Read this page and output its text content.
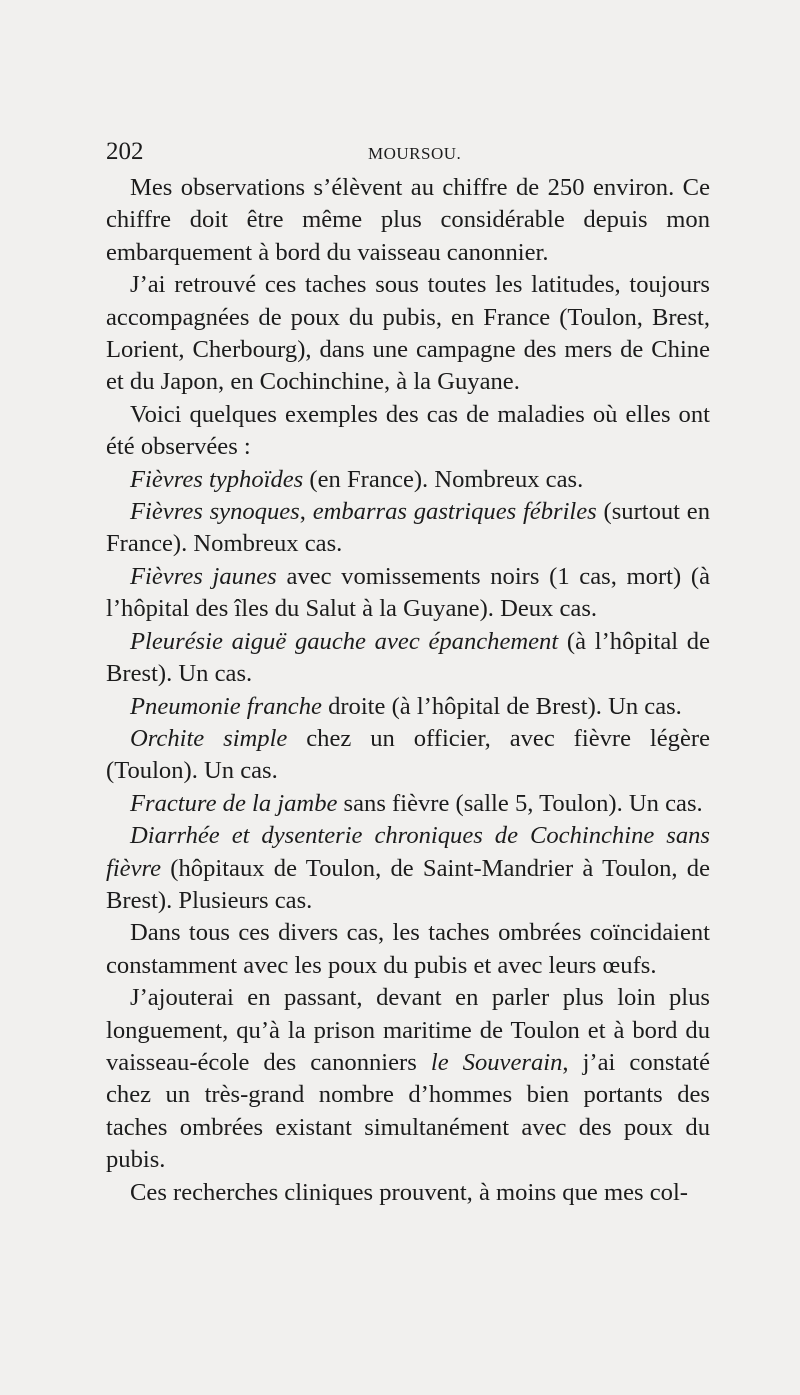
202	MOURSOU.

Mes observations s’élèvent au chiffre de 250 environ. Ce chiffre doit être même plus considérable depuis mon embarquement à bord du vaisseau canonnier.

J’ai retrouvé ces taches sous toutes les latitudes, toujours accompagnées de poux du pubis, en France (Toulon, Brest, Lorient, Cherbourg), dans une campagne des mers de Chine et du Japon, en Cochinchine, à la Guyane.

Voici quelques exemples des cas de maladies où elles ont été observées :

Fièvres typhoïdes (en France). Nombreux cas.

Fièvres synoques, embarras gastriques fébriles (surtout en France). Nombreux cas.

Fièvres jaunes avec vomissements noirs (1 cas, mort) (à l’hôpital des îles du Salut à la Guyane). Deux cas.

Pleurésie aiguë gauche avec épanchement (à l’hôpital de Brest). Un cas.

Pneumonie franche droite (à l’hôpital de Brest). Un cas.

Orchite simple chez un officier, avec fièvre légère (Toulon). Un cas.

Fracture de la jambe sans fièvre (salle 5, Toulon). Un cas.

Diarrhée et dysenterie chroniques de Cochinchine sans fièvre (hôpitaux de Toulon, de Saint-Mandrier à Toulon, de Brest). Plusieurs cas.

Dans tous ces divers cas, les taches ombrées coïncidaient constamment avec les poux du pubis et avec leurs œufs.

J’ajouterai en passant, devant en parler plus loin plus longuement, qu’à la prison maritime de Toulon et à bord du vaisseau-école des canonniers le Souverain, j’ai constaté chez un très-grand nombre d’hommes bien portants des taches ombrées existant simultanément avec des poux du pubis.

Ces recherches cliniques prouvent, à moins que mes col-
